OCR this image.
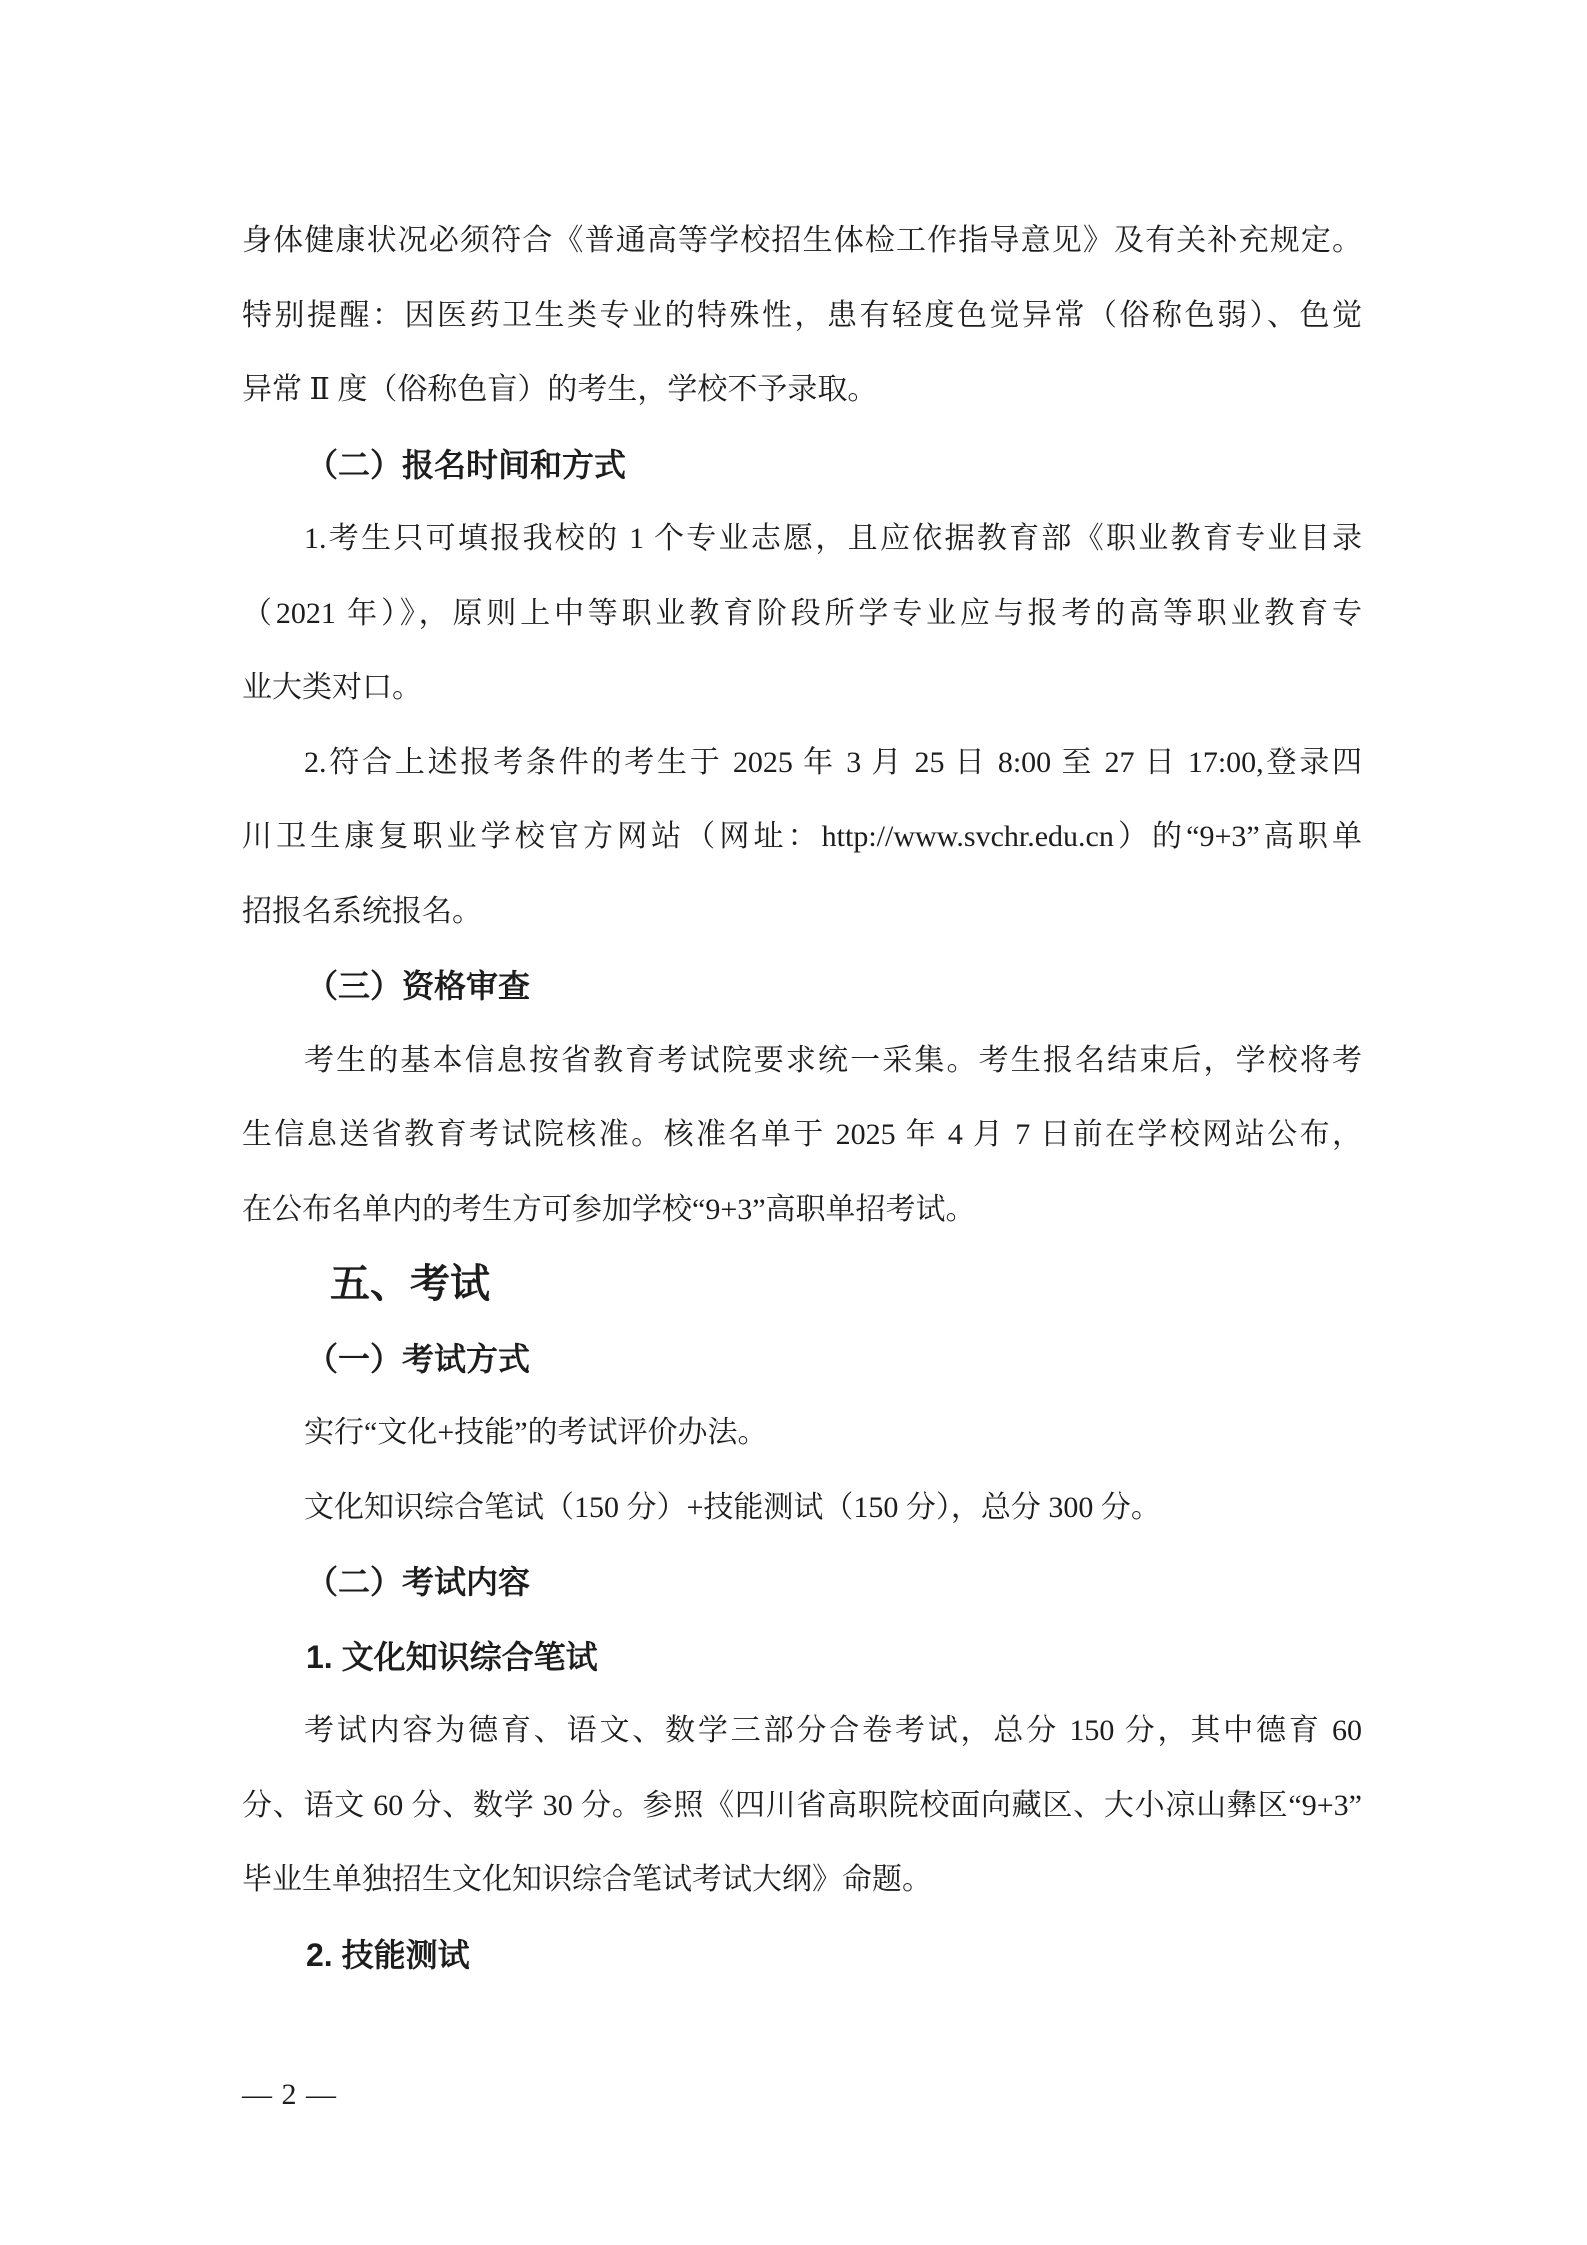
身体健康状况必须符合《普通高等学校招生体检工作指导意见》及有关补充规定。
特别提醒：因医药卫生类专业的特殊性，患有轻度色觉异常（俗称色弱）、色觉
异常 Ⅱ 度（俗称色盲）的考生，学校不予录取。
（二）报名时间和方式
1.考生只可填报我校的 1 个专业志愿，且应依据教育部《职业教育专业目录
（2021 年）》，原则上中等职业教育阶段所学专业应与报考的高等职业教育专
业大类对口。
2.符合上述报考条件的考生于 2025 年 3 月 25 日 8:00 至 27 日 17:00,登录四
川卫生康复职业学校官方网站（网址：http://www.svchr.edu.cn）的“9+3”高职单
招报名系统报名。
（三）资格审查
考生的基本信息按省教育考试院要求统一采集。考生报名结束后，学校将考
生信息送省教育考试院核准。核准名单于 2025 年 4 月 7 日前在学校网站公布，
在公布名单内的考生方可参加学校“9+3”高职单招考试。
五、考试
（一）考试方式
实行“文化+技能”的考试评价办法。
文化知识综合笔试（150 分）+技能测试（150 分），总分 300 分。
（二）考试内容
1. 文化知识综合笔试
考试内容为德育、语文、数学三部分合卷考试，总分 150 分，其中德育 60
分、语文 60 分、数学 30 分。参照《四川省高职院校面向藏区、大小凉山彝区“9+3”
毕业生单独招生文化知识综合笔试考试大纲》命题。
2. 技能测试
— 2 —
